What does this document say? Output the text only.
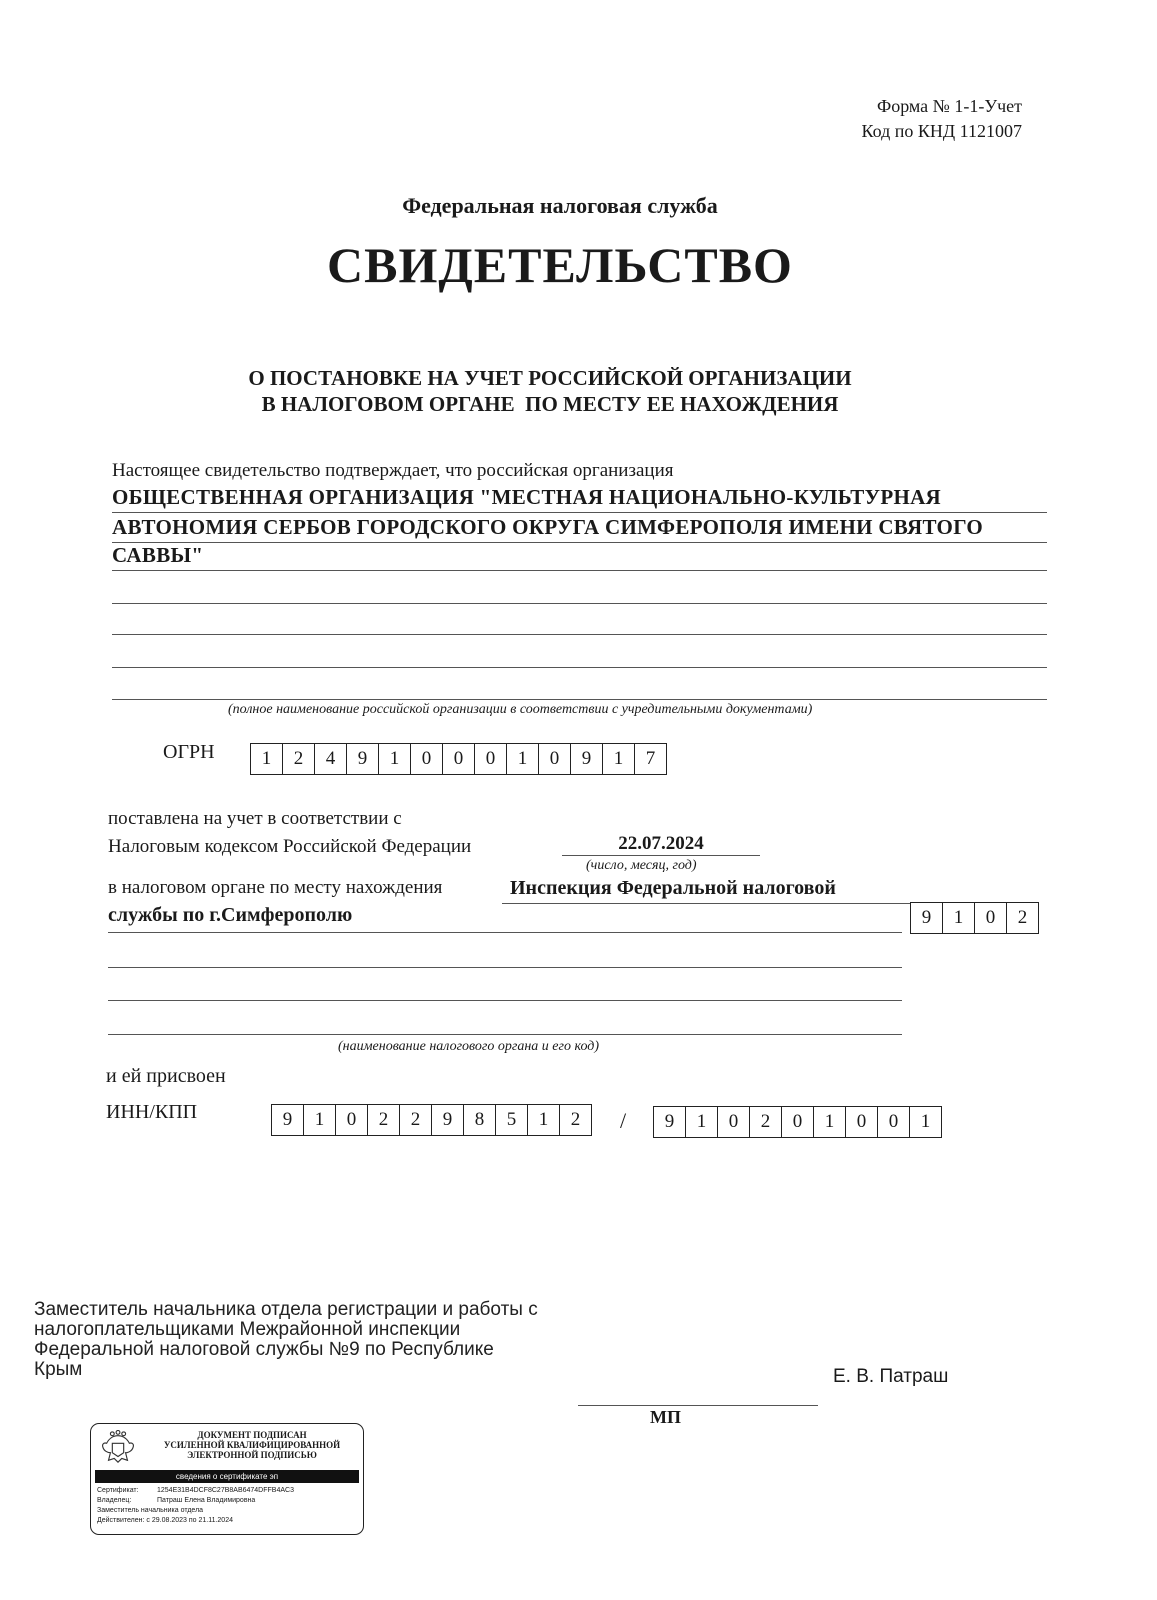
Форма № 1-1-Учет
Код по КНД 1121007
Федеральная налоговая служба
СВИДЕТЕЛЬСТВО
О ПОСТАНОВКЕ НА УЧЕТ РОССИЙСКОЙ ОРГАНИЗАЦИИ
В НАЛОГОВОМ ОРГАНЕ  ПО МЕСТУ ЕЕ НАХОЖДЕНИЯ
Настоящее свидетельство подтверждает, что российская организация
ОБЩЕСТВЕННАЯ ОРГАНИЗАЦИЯ "МЕСТНАЯ НАЦИОНАЛЬНО-КУЛЬТУРНАЯ
АВТОНОМИЯ СЕРБОВ ГОРОДСКОГО ОКРУГА СИМФЕРОПОЛЯ ИМЕНИ СВЯТОГО
САВВЫ"
(полное наименование российской организации в соответствии с учредительными документами)
ОГРН	1	2	4	9	1	0	0	0	1	0	9	1	7
поставлена на учет в соответствии с
Налоговым кодексом Российской Федерации	22.07.2024
(число, месяц, год)
в налоговом органе по месту нахождения	Инспекция Федеральной налоговой
службы по г.Симферополю	9	1	0	2
(наименование налогового органа и его код)
и ей присвоен
ИНН/КПП	9	1	0	2	2	9	8	5	1	2	/	9	1	0	2	0	1	0	0	1
Заместитель начальника отдела регистрации и работы с
налогоплательщиками Межрайонной инспекции
Федеральной налоговой службы №9 по Республике
Крым	Е. В. Патраш
МП
ДОКУМЕНТ ПОДПИСАН
УСИЛЕННОЙ КВАЛИФИЦИРОВАННОЙ
ЭЛЕКТРОННОЙ ПОДПИСЬЮ
сведения о сертификате эп
Сертификат:	1254E31B4DCF8C27B8AB6474DFFB4AC3
Владелец:	Патраш Елена Владимировна
Заместитель начальника отдела
Действителен: с 29.08.2023 по 21.11.2024
